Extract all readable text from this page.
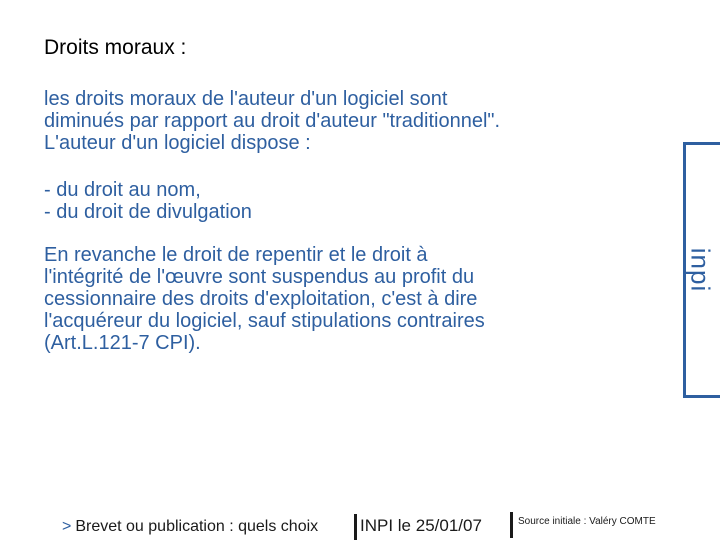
Droits moraux :

les droits moraux de l'auteur d'un logiciel sont
diminués par rapport au droit d'auteur "traditionnel".
L'auteur d'un logiciel dispose :

- du droit au nom,
- du droit de divulgation

En revanche le droit de repentir et le droit à
l'intégrité de l'œuvre sont suspendus au profit du
cessionnaire des droits d'exploitation, c'est à dire
l'acquéreur du logiciel, sauf stipulations contraires
(Art.L.121-7 CPI).

inpi
> Brevet ou publication : quels choix INPI le 25/01/07	Source initiale : Valéry COMTE
